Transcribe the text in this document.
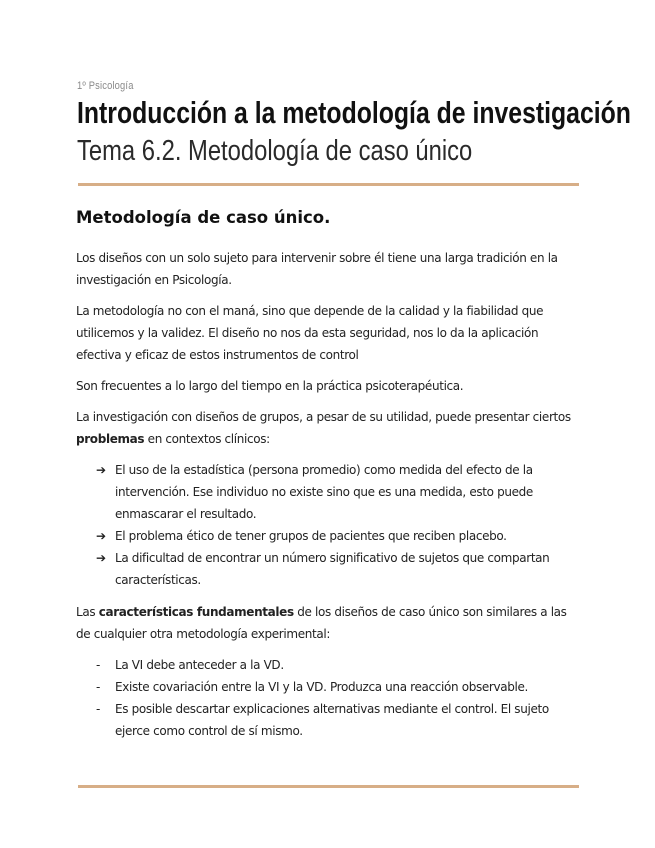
1º Psicología

Introducción a la metodología de investigación
Tema 6.2. Metodología de caso único
Metodología de caso único.

Los diseños con un solo sujeto para intervenir sobre él tiene una larga tradición en la investigación en Psicología.

La metodología no con el maná, sino que depende de la calidad y la fiabilidad que utilicemos y la validez. El diseño no nos da esta seguridad, nos lo da la aplicación efectiva y eficaz de estos instrumentos de control

Son frecuentes a lo largo del tiempo en la práctica psicoterapéutica.

La investigación con diseños de grupos, a pesar de su utilidad, puede presentar ciertos problemas en contextos clínicos:

➔ El uso de la estadística (persona promedio) como medida del efecto de la intervención. Ese individuo no existe sino que es una medida, esto puede enmascarar el resultado.
➔ El problema ético de tener grupos de pacientes que reciben placebo.
➔ La dificultad de encontrar un número significativo de sujetos que compartan características.

Las características fundamentales de los diseños de caso único son similares a las de cualquier otra metodología experimental:

- La VI debe anteceder a la VD.
- Existe covariación entre la VI y la VD. Produzca una reacción observable.
- Es posible descartar explicaciones alternativas mediante el control. El sujeto ejerce como control de sí mismo.
